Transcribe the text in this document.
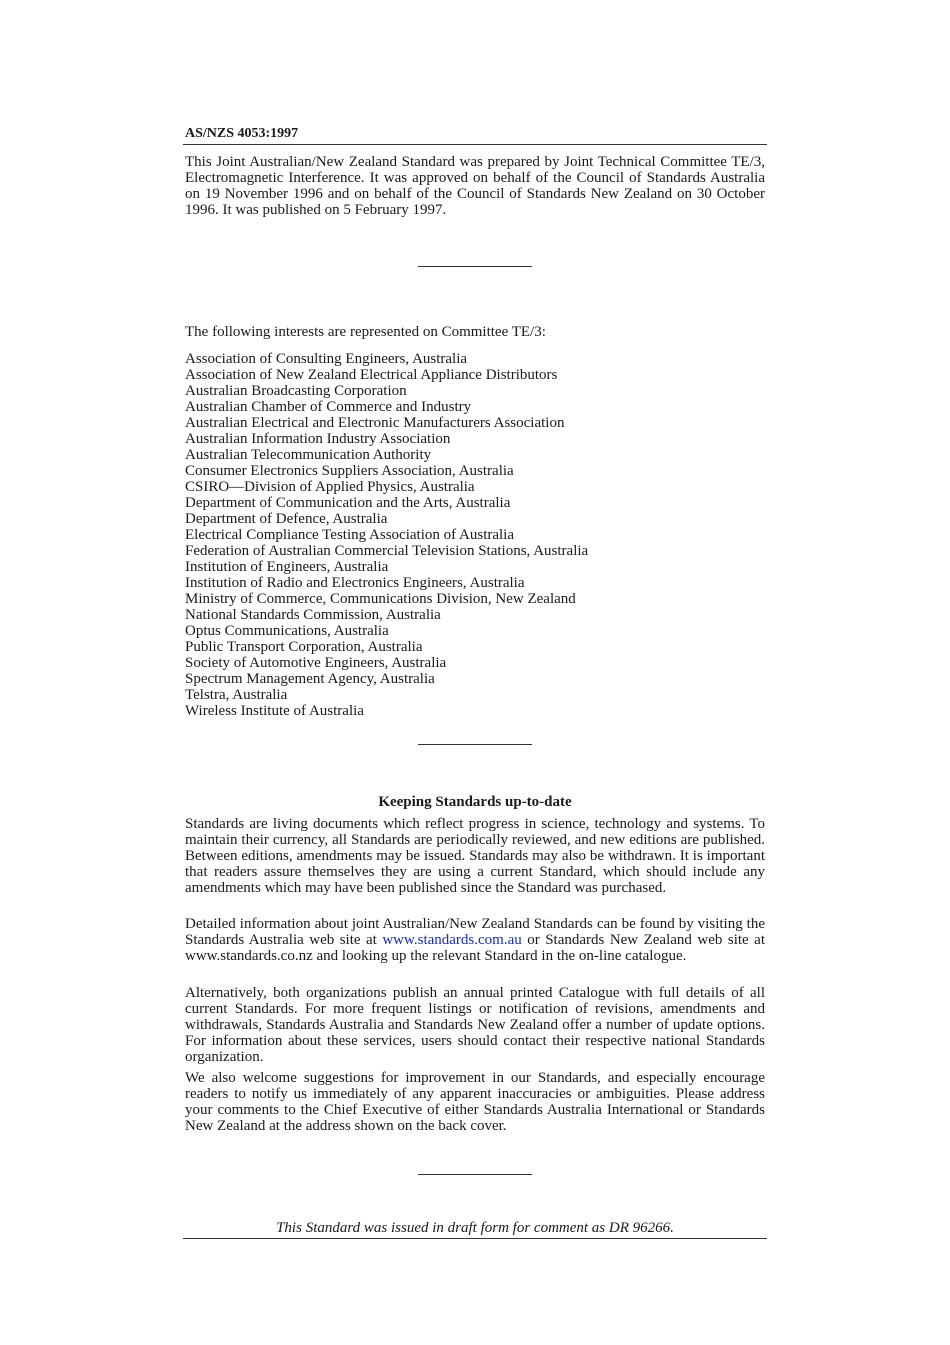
AS/NZS 4053:1997

This Joint Australian/New Zealand Standard was prepared by Joint Technical Committee TE/3, Electromagnetic Interference. It was approved on behalf of the Council of Standards Australia on 19 November 1996 and on behalf of the Council of Standards New Zealand on 30 October 1996. It was published on 5 February 1997.

The following interests are represented on Committee TE/3:
Association of Consulting Engineers, Australia
Association of New Zealand Electrical Appliance Distributors
Australian Broadcasting Corporation
Australian Chamber of Commerce and Industry
Australian Electrical and Electronic Manufacturers Association
Australian Information Industry Association
Australian Telecommunication Authority
Consumer Electronics Suppliers Association, Australia
CSIRO—Division of Applied Physics, Australia
Department of Communication and the Arts, Australia
Department of Defence, Australia
Electrical Compliance Testing Association of Australia
Federation of Australian Commercial Television Stations, Australia
Institution of Engineers, Australia
Institution of Radio and Electronics Engineers, Australia
Ministry of Commerce, Communications Division, New Zealand
National Standards Commission, Australia
Optus Communications, Australia
Public Transport Corporation, Australia
Society of Automotive Engineers, Australia
Spectrum Management Agency, Australia
Telstra, Australia
Wireless Institute of Australia
Keeping Standards up-to-date

Standards are living documents which reflect progress in science, technology and systems. To maintain their currency, all Standards are periodically reviewed, and new editions are published. Between editions, amendments may be issued. Standards may also be withdrawn. It is important that readers assure themselves they are using a current Standard, which should include any amendments which may have been published since the Standard was purchased.

Detailed information about joint Australian/New Zealand Standards can be found by visiting the Standards Australia web site at www.standards.com.au or Standards New Zealand web site at www.standards.co.nz and looking up the relevant Standard in the on-line catalogue.

Alternatively, both organizations publish an annual printed Catalogue with full details of all current Standards. For more frequent listings or notification of revisions, amendments and withdrawals, Standards Australia and Standards New Zealand offer a number of update options. For information about these services, users should contact their respective national Standards organization.

We also welcome suggestions for improvement in our Standards, and especially encourage readers to notify us immediately of any apparent inaccuracies or ambiguities. Please address your comments to the Chief Executive of either Standards Australia International or Standards New Zealand at the address shown on the back cover.

This Standard was issued in draft form for comment as DR 96266.
